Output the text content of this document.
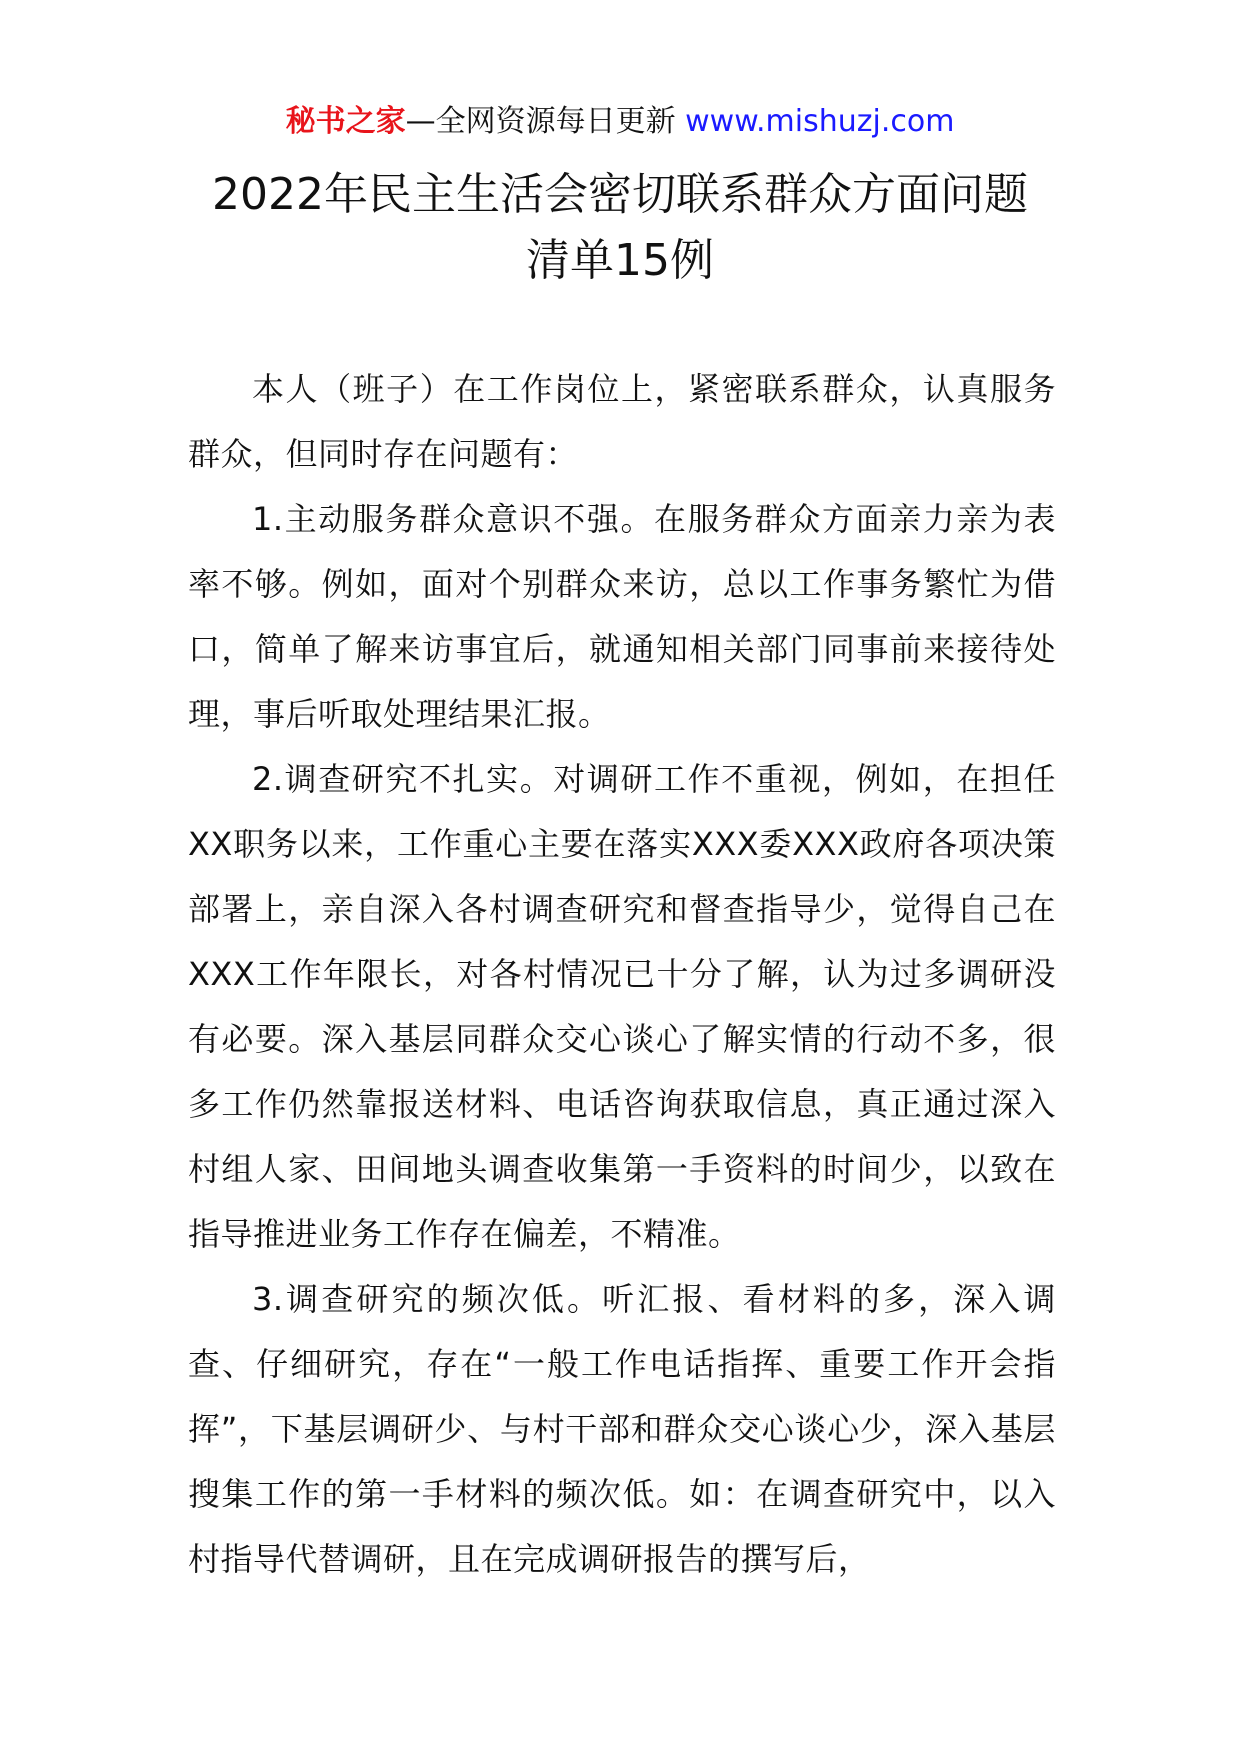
秘书之家—全网资源每日更新 www.mishuzj.com
2022年民主生活会密切联系群众方面问题
清单15例

本人（班子）在工作岗位上，紧密联系群众，认真服务群众，但同时存在问题有：

1.主动服务群众意识不强。在服务群众方面亲力亲为表率不够。例如，面对个别群众来访，总以工作事务繁忙为借口，简单了解来访事宜后，就通知相关部门同事前来接待处理，事后听取处理结果汇报。

2.调查研究不扎实。对调研工作不重视，例如，在担任XX职务以来，工作重心主要在落实XXX委XXX政府各项决策部署上，亲自深入各村调查研究和督查指导少，觉得自己在XXX工作年限长，对各村情况已十分了解，认为过多调研没有必要。深入基层同群众交心谈心了解实情的行动不多，很多工作仍然靠报送材料、电话咨询获取信息，真正通过深入村组人家、田间地头调查收集第一手资料的时间少，以致在指导推进业务工作存在偏差，不精准。

3.调查研究的频次低。听汇报、看材料的多，深入调查、仔细研究，存在“一般工作电话指挥、重要工作开会指挥”，下基层调研少、与村干部和群众交心谈心少，深入基层搜集工作的第一手材料的频次低。如：在调查研究中，以入村指导代替调研，且在完成调研报告的撰写后，
